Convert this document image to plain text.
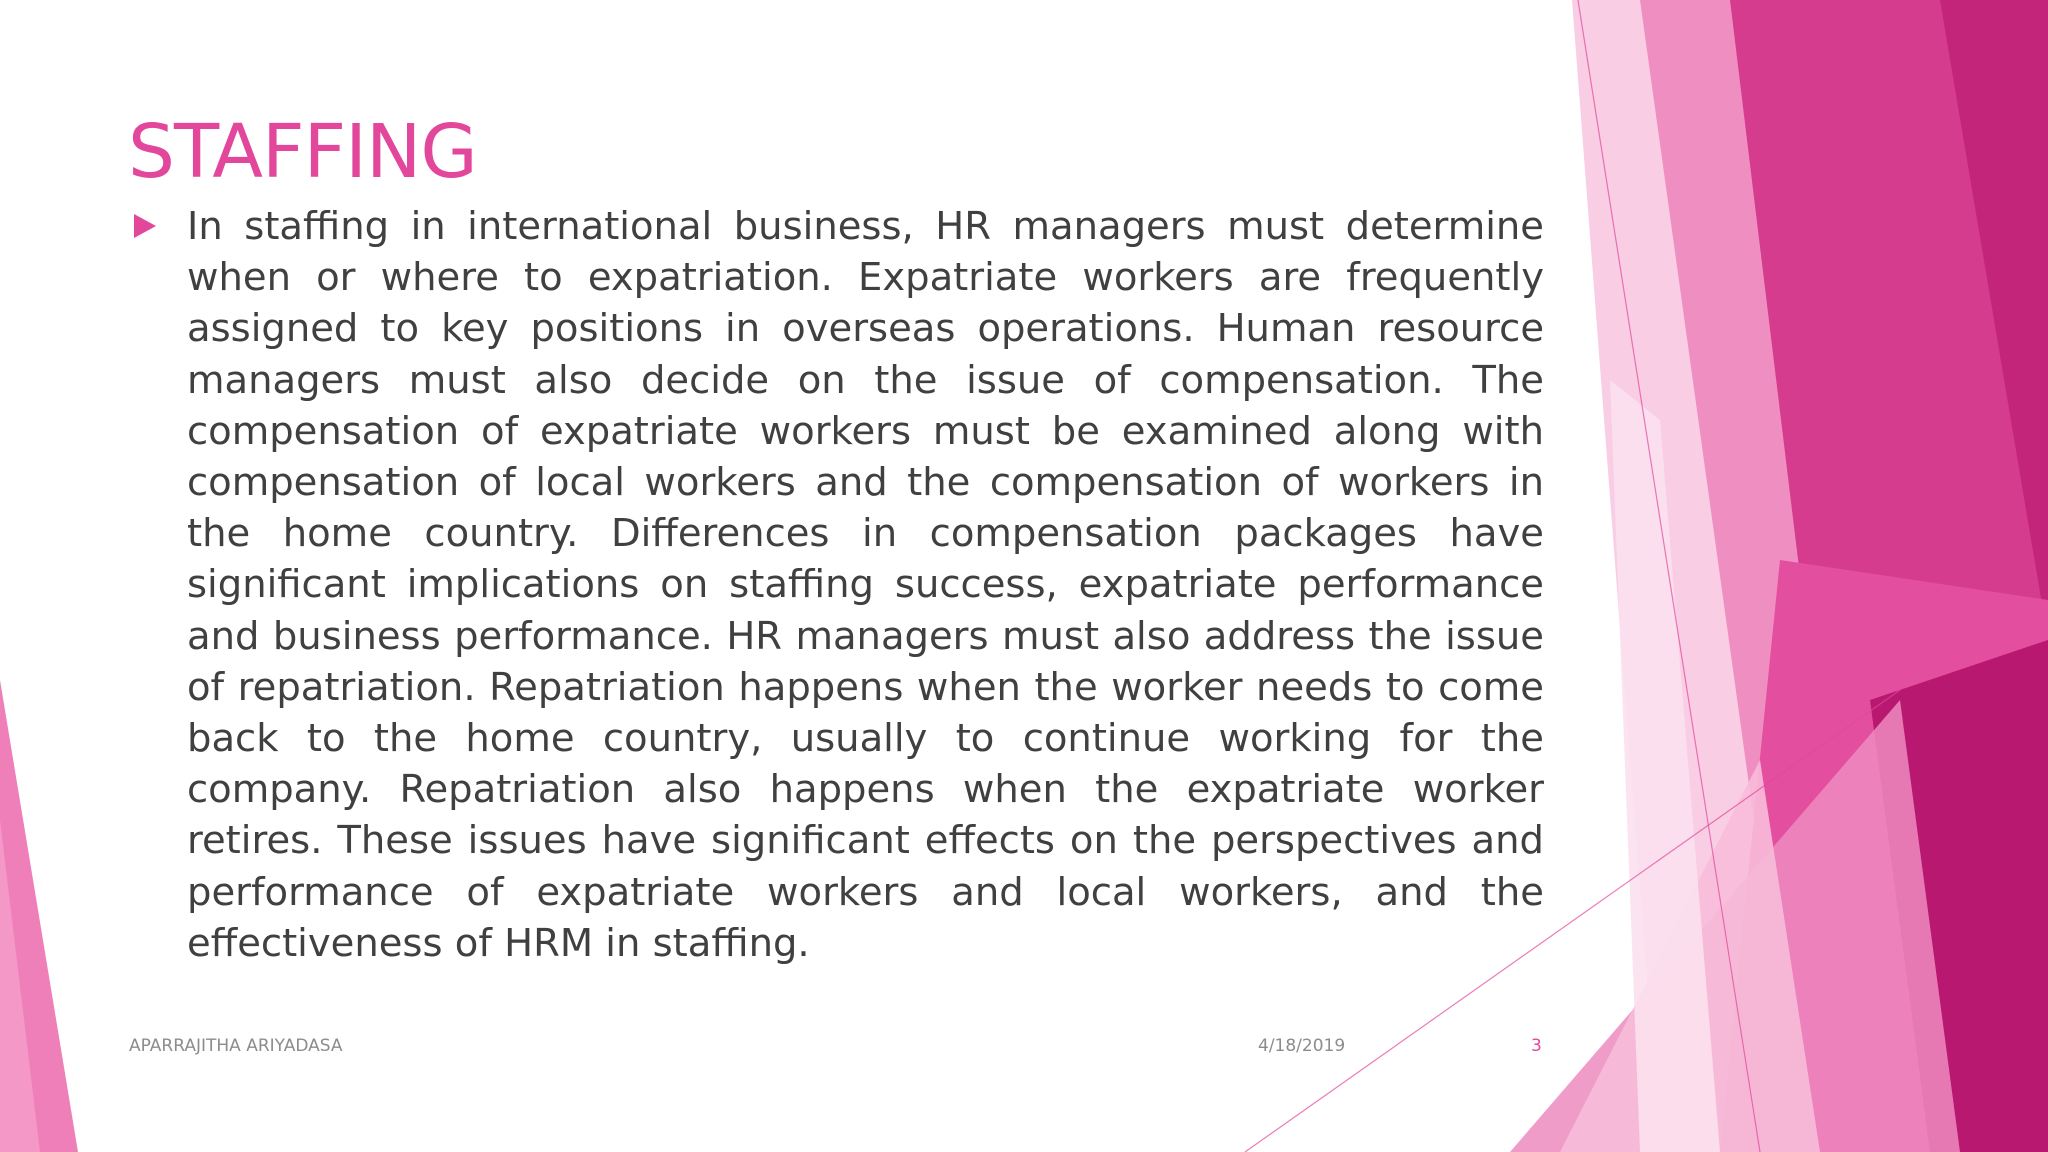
STAFFING

In staffing in international business, HR managers must determine when or where to expatriation. Expatriate workers are frequently assigned to key positions in overseas operations. Human resource managers must also decide on the issue of compensation. The compensation of expatriate workers must be examined along with compensation of local workers and the compensation of workers in the home country. Differences in compensation packages have significant implications on staffing success, expatriate performance and business performance. HR managers must also address the issue of repatriation. Repatriation happens when the worker needs to come back to the home country, usually to continue working for the company. Repatriation also happens when the expatriate worker retires. These issues have significant effects on the perspectives and performance of expatriate workers and local workers, and the effectiveness of HRM in staffing.

APARRAJITHA ARIYADASA	4/18/2019	3
